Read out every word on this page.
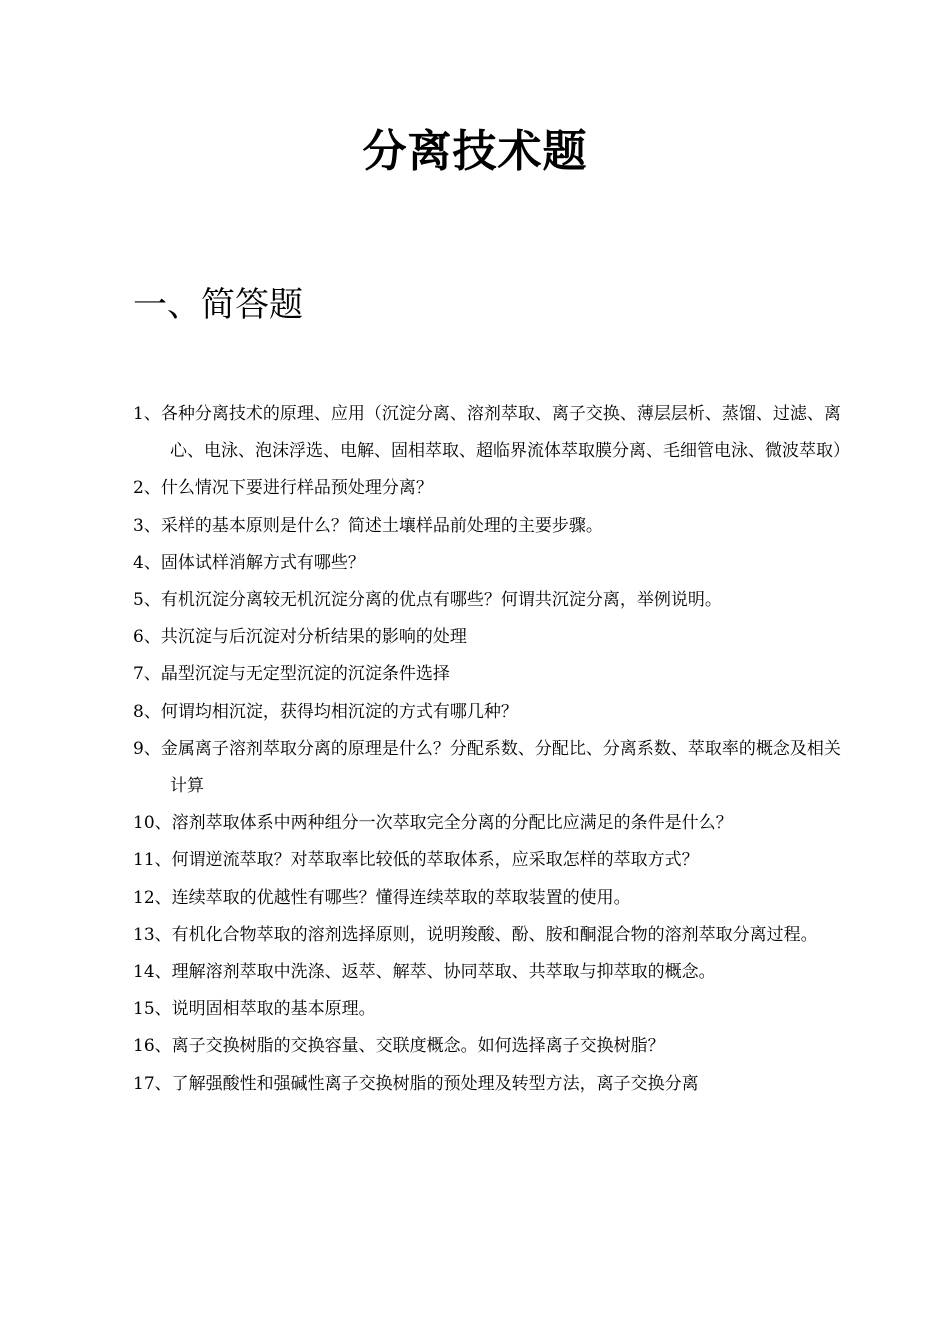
分离技术题
一、简答题
1、各种分离技术的原理、应用（沉淀分离、溶剂萃取、离子交换、薄层层析、蒸馏、过滤、离心、电泳、泡沫浮选、电解、固相萃取、超临界流体萃取膜分离、毛细管电泳、微波萃取）
2、什么情况下要进行样品预处理分离？
3、采样的基本原则是什么？简述土壤样品前处理的主要步骤。
4、固体试样消解方式有哪些？
5、有机沉淀分离较无机沉淀分离的优点有哪些？何谓共沉淀分离，举例说明。
6、共沉淀与后沉淀对分析结果的影响的处理
7、晶型沉淀与无定型沉淀的沉淀条件选择
8、何谓均相沉淀，获得均相沉淀的方式有哪几种？
9、金属离子溶剂萃取分离的原理是什么？分配系数、分配比、分离系数、萃取率的概念及相关计算
10、溶剂萃取体系中两种组分一次萃取完全分离的分配比应满足的条件是什么？
11、何谓逆流萃取？对萃取率比较低的萃取体系，应采取怎样的萃取方式？
12、连续萃取的优越性有哪些？懂得连续萃取的萃取装置的使用。
13、有机化合物萃取的溶剂选择原则，说明羧酸、酚、胺和酮混合物的溶剂萃取分离过程。
14、理解溶剂萃取中洗涤、返萃、解萃、协同萃取、共萃取与抑萃取的概念。
15、说明固相萃取的基本原理。
16、离子交换树脂的交换容量、交联度概念。如何选择离子交换树脂？
17、了解强酸性和强碱性离子交换树脂的预处理及转型方法，离子交换分离
